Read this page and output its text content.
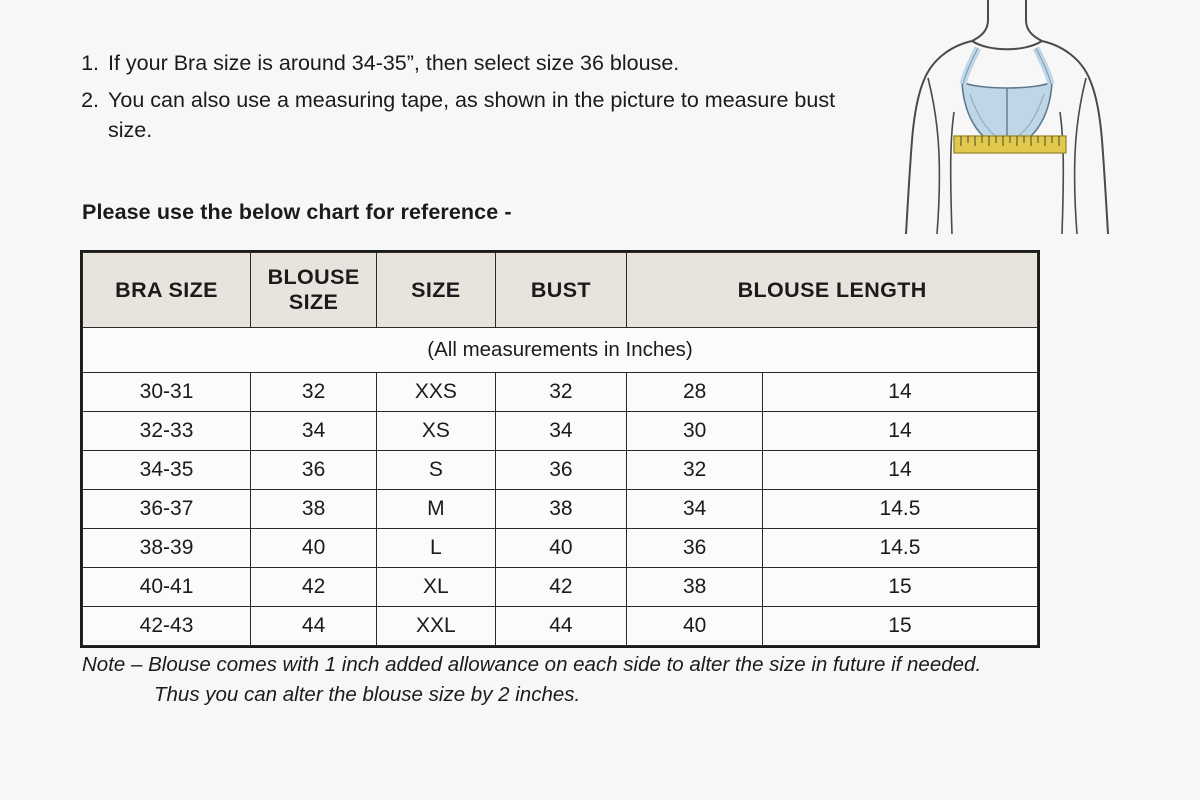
1. If your Bra size is around 34-35”, then select size 36 blouse.
2. You can also use a measuring tape, as shown in the picture to measure bust size.
Please use the below chart for reference -
BRA SIZE	BLOUSE SIZE	SIZE	BUST	BLOUSE LENGTH	
(All measurements in Inches)					
30-31	32	XXS	32	28	14
32-33	34	XS	34	30	14
34-35	36	S	36	32	14
36-37	38	M	38	34	14.5
38-39	40	L	40	36	14.5
40-41	42	XL	42	38	15
42-43	44	XXL	44	40	15
Note – Blouse comes with 1 inch added allowance on each side to alter the size in future if needed.
Thus you can alter the blouse size by 2 inches.
